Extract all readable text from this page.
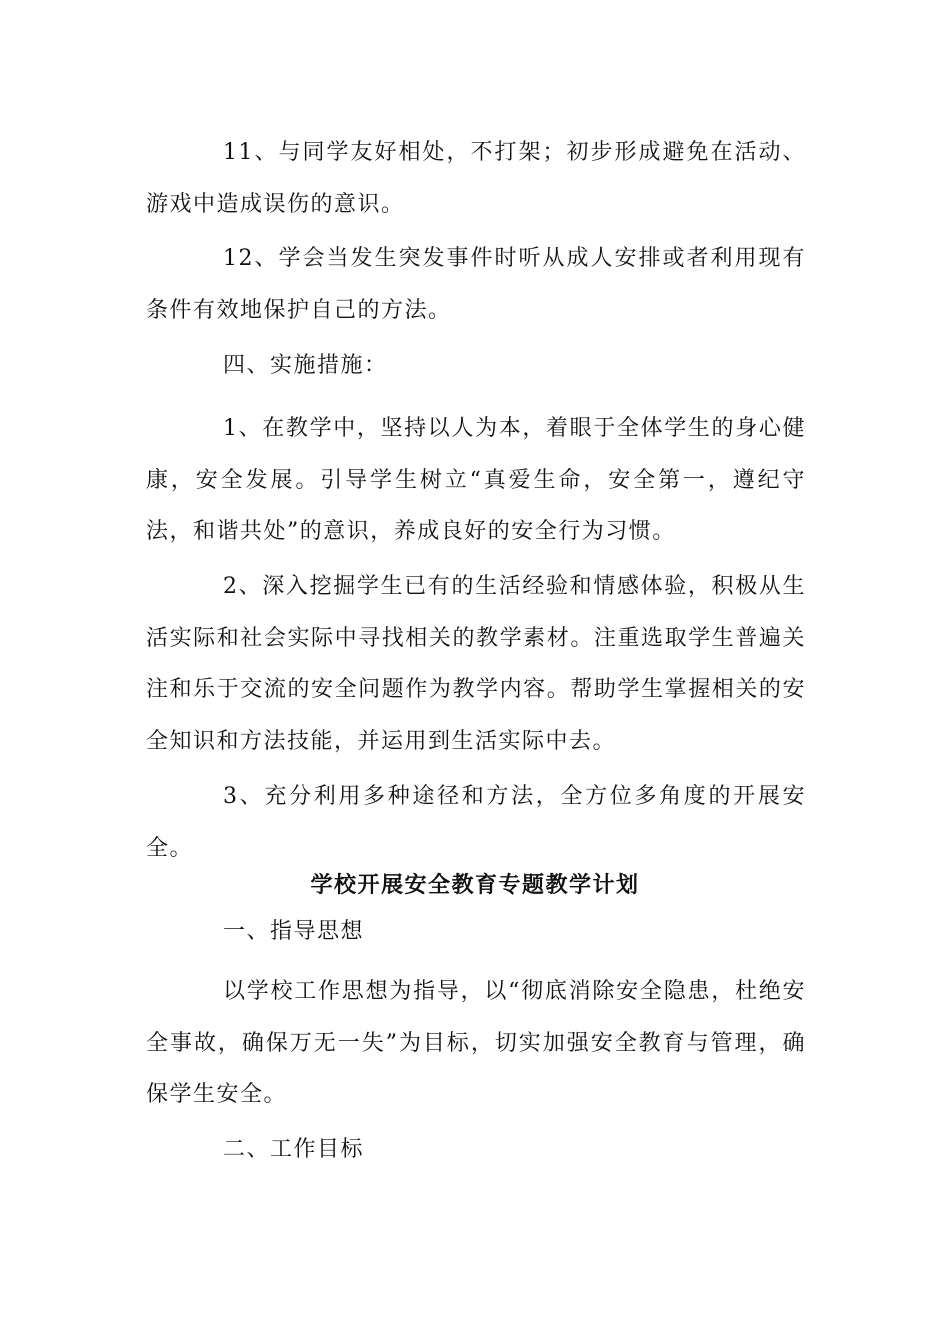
11、与同学友好相处，不打架；初步形成避免在活动、游戏中造成误伤的意识。

12、学会当发生突发事件时听从成人安排或者利用现有条件有效地保护自己的方法。

四、实施措施：

1、在教学中，坚持以人为本，着眼于全体学生的身心健康，安全发展。引导学生树立“真爱生命，安全第一，遵纪守法，和谐共处”的意识，养成良好的安全行为习惯。

2、深入挖掘学生已有的生活经验和情感体验，积极从生活实际和社会实际中寻找相关的教学素材。注重选取学生普遍关注和乐于交流的安全问题作为教学内容。帮助学生掌握相关的安全知识和方法技能，并运用到生活实际中去。

3、充分利用多种途径和方法，全方位多角度的开展安全。

学校开展安全教育专题教学计划

一、指导思想

以学校工作思想为指导，以“彻底消除安全隐患，杜绝安全事故，确保万无一失”为目标，切实加强安全教育与管理，确保学生安全。

二、工作目标
